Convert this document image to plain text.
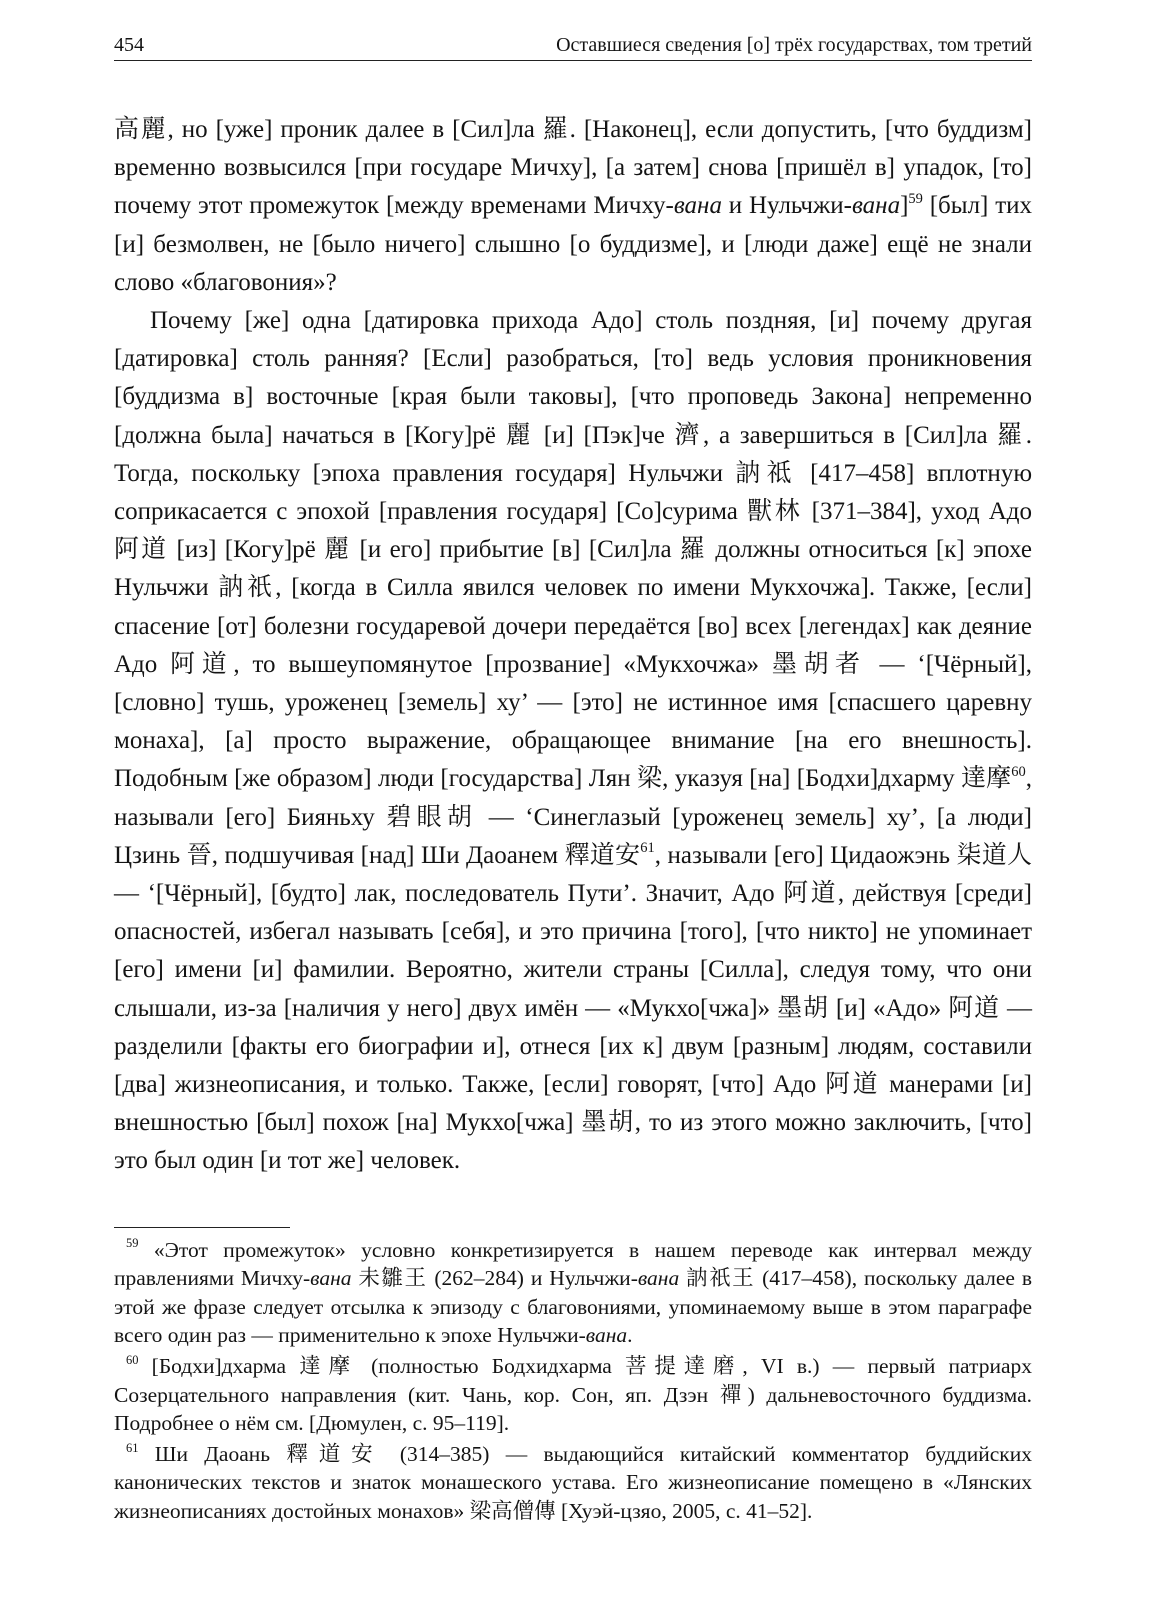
454	Оставшиеся сведения [о] трёх государствах, том третий

高麗, но [уже] проник далее в [Сил]ла 羅. [Наконец], если допустить, [что буддизм] временно возвысился [при государе Мичху], [а затем] снова [пришёл в] упадок, [то] почему этот промежуток [между временами Мичху-вана и Нульчжи-вана]$^{59}$ [был] тих [и] безмолвен, не [было ничего] слышно [о буддизме], и [люди даже] ещё не знали слово «благовония»?

Почему [же] одна [датировка прихода Адо] столь поздняя, [и] почему другая [датировка] столь ранняя? [Если] разобраться, [то] ведь условия проникновения [буддизма в] восточные [края были таковы], [что проповедь Закона] непременно [должна была] начаться в [Когу]рё 麗 [и] [Пэк]че 濟, а завершиться в [Сил]ла 羅. Тогда, поскольку [эпоха правления государя] Нульчжи 訥祗 [417–458] вплотную соприкасается с эпохой [правления государя] [Со]сурима 獸林 [371–384], уход Адо 阿道 [из] [Когу]рё 麗 [и его] прибытие [в] [Сил]ла 羅 должны относиться [к] эпохе Нульчжи 訥祇, [когда в Силла явился человек по имени Мукхочжа]. Также, [если] спасение [от] болезни государевой дочери передаётся [во] всех [легендах] как деяние Адо 阿道, то вышеупомянутое [прозвание] «Мукхочжа» 墨胡者 — ‘[Чёрный], [словно] тушь, уроженец [земель] ху’ — [это] не истинное имя [спасшего царевну монаха], [а] просто выражение, обращающее внимание [на его внешность]. Подобным [же образом] люди [государства] Лян 梁, указуя [на] [Бодхи]дхарму 達摩$^{60}$, называли [его] Бияньху 碧眼胡 — ‘Синеглазый [уроженец земель] ху’, [а люди] Цзинь 晉, подшучивая [над] Ши Даоанем 釋道安$^{61}$, называли [его] Цидаожэнь 柒道人 — ‘[Чёрный], [будто] лак, последователь Пути’. Значит, Адо 阿道, действуя [среди] опасностей, избегал называть [себя], и это причина [того], [что никто] не упоминает [его] имени [и] фамилии. Вероятно, жители страны [Силла], следуя тому, что они слышали, из-за [наличия у него] двух имён — «Мукхо[чжа]» 墨胡 [и] «Адо» 阿道 — разделили [факты его биографии и], отнеся [их к] двум [разным] людям, составили [два] жизнеописания, и только. Также, [если] говорят, [что] Адо 阿道 манерами [и] внешностью [был] похож [на] Мукхо[чжа] 墨胡, то из этого можно заключить, [что] это был один [и тот же] человек.

$^{59}$ «Этот промежуток» условно конкретизируется в нашем переводе как интервал между правлениями Мичху-вана 未雛王 (262–284) и Нульчжи-вана 訥祇王 (417–458), поскольку далее в этой же фразе следует отсылка к эпизоду с благовониями, упоминаемому выше в этом параграфе всего один раз — применительно к эпохе Нульчжи-вана.

$^{60}$ [Бодхи]дхарма 達摩 (полностью Бодхидхарма 菩提達磨, VI в.) — первый патриарх Созерцательного направления (кит. Чань, кор. Сон, яп. Дзэн 禪) дальневосточного буддизма. Подробнее о нём см. [Дюмулен, с. 95–119].

$^{61}$ Ши Даоань 釋道安 (314–385) — выдающийся китайский комментатор буддийских канонических текстов и знаток монашеского устава. Его жизнеописание помещено в «Лянских жизнеописаниях достойных монахов» 梁高僧傳 [Хуэй-цзяо, 2005, с. 41–52].
